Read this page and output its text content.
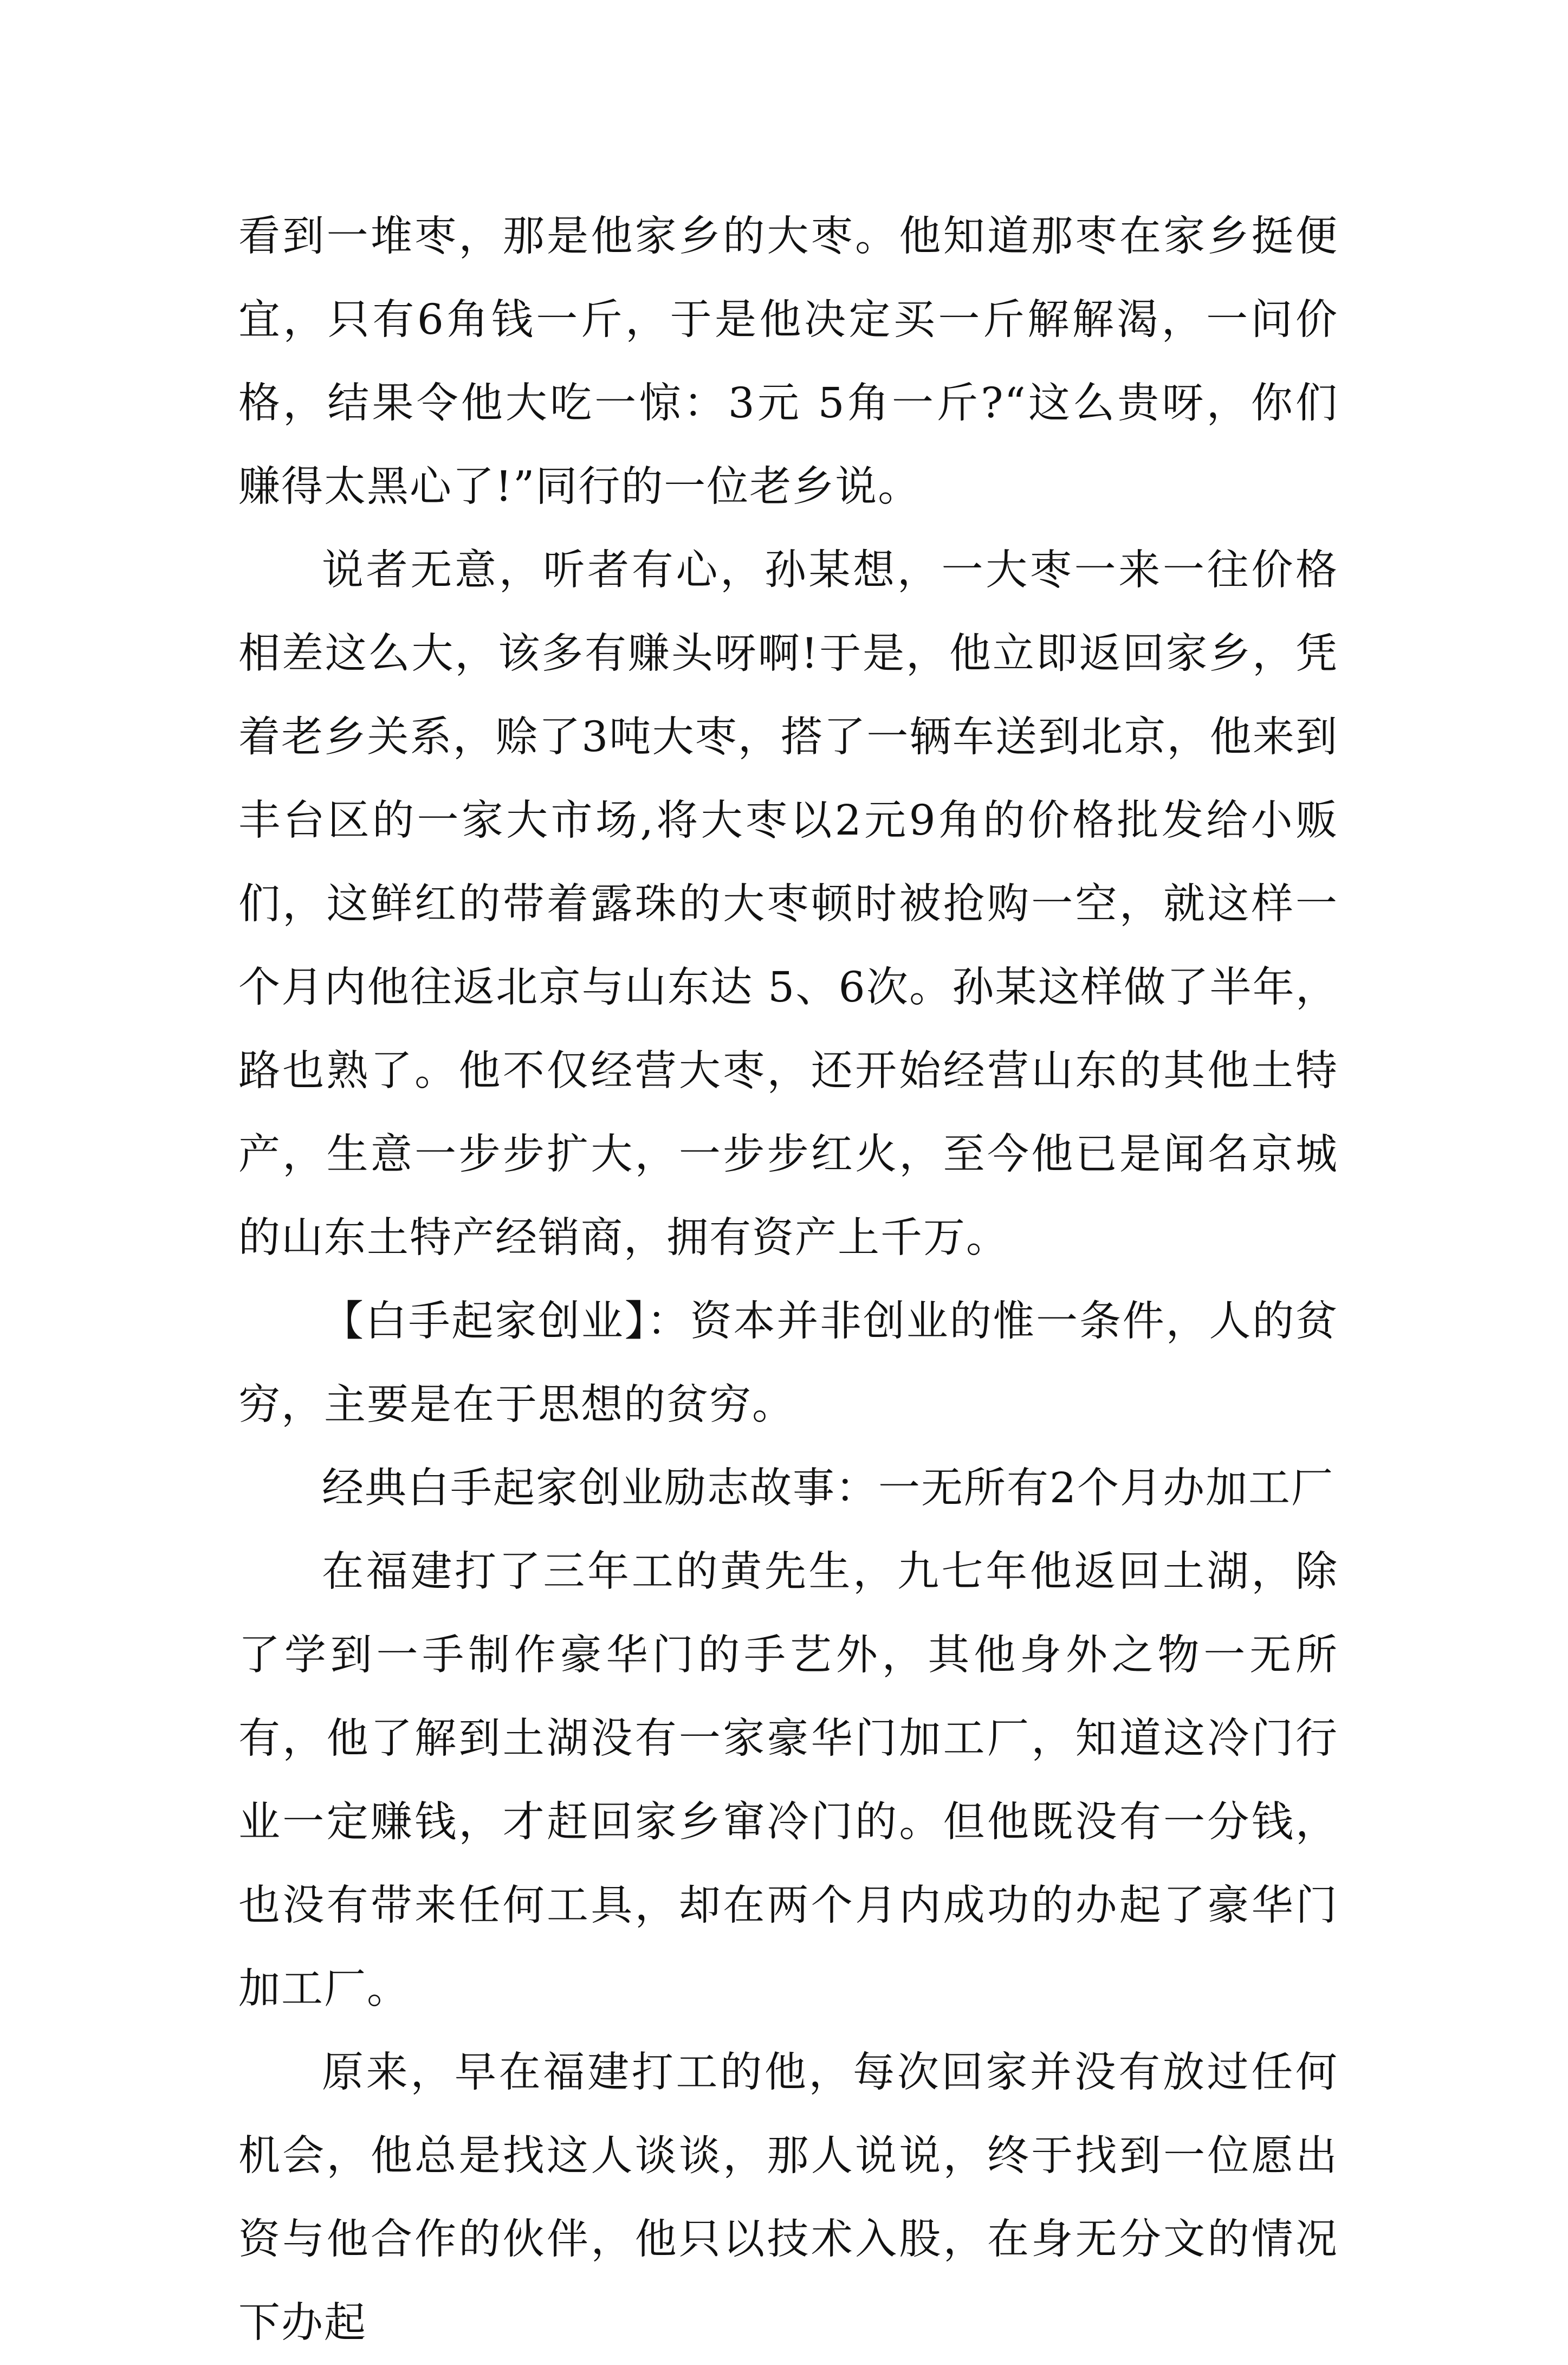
看到一堆枣，那是他家乡的大枣。他知道那枣在家乡挺便宜，只有6角钱一斤，于是他决定买一斤解解渴，一问价格，结果令他大吃一惊：3元 5角一斤?“这么贵呀，你们赚得太黑心了!”同行的一位老乡说。

说者无意，听者有心，孙某想，一大枣一来一往价格相差这么大，该多有赚头呀啊!于是，他立即返回家乡，凭着老乡关系，赊了3吨大枣，搭了一辆车送到北京，他来到丰台区的一家大市场,将大枣以2元9角的价格批发给小贩们，这鲜红的带着露珠的大枣顿时被抢购一空，就这样一个月内他往返北京与山东达 5、6次。孙某这样做了半年，路也熟了。他不仅经营大枣，还开始经营山东的其他土特产，生意一步步扩大，一步步红火，至今他已是闻名京城的山东土特产经销商，拥有资产上千万。

【白手起家创业】：资本并非创业的惟一条件，人的贫穷，主要是在于思想的贫穷。

经典白手起家创业励志故事：一无所有2个月办加工厂

在福建打了三年工的黄先生，九七年他返回土湖，除了学到一手制作豪华门的手艺外，其他身外之物一无所有，他了解到土湖没有一家豪华门加工厂，知道这冷门行业一定赚钱，才赶回家乡窜冷门的。但他既没有一分钱，也没有带来任何工具，却在两个月内成功的办起了豪华门加工厂。

原来，早在福建打工的他，每次回家并没有放过任何机会，他总是找这人谈谈，那人说说，终于找到一位愿出资与他合作的伙伴，他只以技术入股，在身无分文的情况下办起
